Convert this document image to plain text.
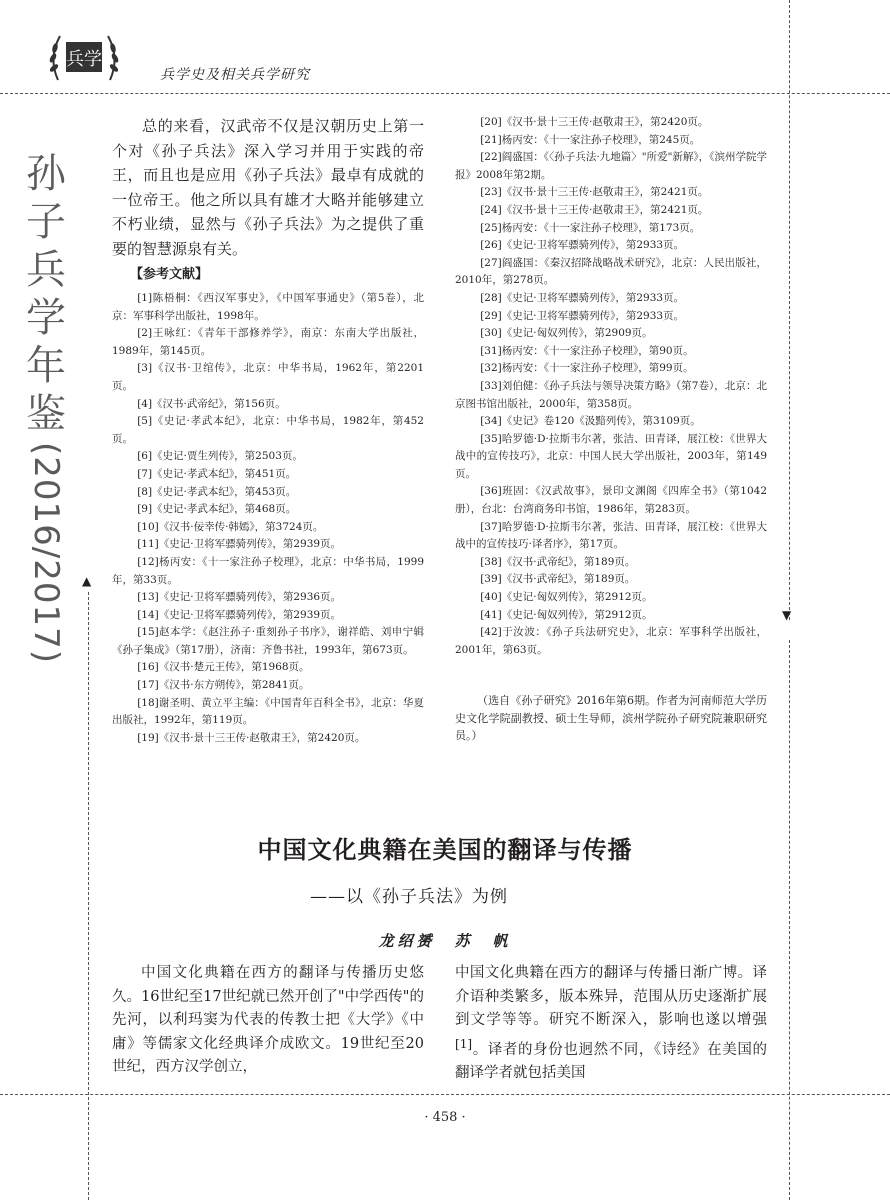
兵学
兵学史及相关兵学研究
▲
▼
孙
子
兵
学
年
鉴
(2016/2017)

总的来看，汉武帝不仅是汉朝历史上第一个对《孙子兵法》深入学习并用于实践的帝王，而且也是应用《孙子兵法》最卓有成就的一位帝王。他之所以具有雄才大略并能够建立不朽业绩，显然与《孙子兵法》为之提供了重要的智慧源泉有关。

【参考文献】

[1]陈梧桐：《西汉军事史》，《中国军事通史》（第5卷），北京：军事科学出版社，1998年。

[2]王咏红：《青年干部修养学》，南京：东南大学出版社，1989年，第145页。

[3]《汉书·卫绾传》，北京：中华书局，1962年，第2201页。

[4]《汉书·武帝纪》，第156页。

[5]《史记·孝武本纪》，北京：中华书局，1982年，第452页。

[6]《史记·贾生列传》，第2503页。

[7]《史记·孝武本纪》，第451页。

[8]《史记·孝武本纪》，第453页。

[9]《史记·孝武本纪》，第468页。

[10]《汉书·佞幸传·韩嫣》，第3724页。

[11]《史记·卫将军骠骑列传》，第2939页。

[12]杨丙安：《十一家注孙子校理》，北京：中华书局，1999年，第33页。

[13]《史记·卫将军骠骑列传》，第2936页。

[14]《史记·卫将军骠骑列传》，第2939页。

[15]赵本学：《赵注孙子·重刻孙子书序》，谢祥皓、刘申宁辑《孙子集成》（第17册），济南：齐鲁书社，1993年，第673页。

[16]《汉书·楚元王传》，第1968页。

[17]《汉书·东方朔传》，第2841页。

[18]谢圣明、黄立平主编：《中国青年百科全书》，北京：华夏出版社，1992年，第119页。

[19]《汉书·景十三王传·赵敬肃王》，第2420页。

[20]《汉书·景十三王传·赵敬肃王》，第2420页。

[21]杨丙安：《十一家注孙子校理》，第245页。

[22]阎盛国：《〈孙子兵法·九地篇〉"所爱"新解》，《滨州学院学报》2008年第2期。

[23]《汉书·景十三王传·赵敬肃王》，第2421页。

[24]《汉书·景十三王传·赵敬肃王》，第2421页。

[25]杨丙安：《十一家注孙子校理》，第173页。

[26]《史记·卫将军骠骑列传》，第2933页。

[27]阎盛国：《秦汉招降战略战术研究》，北京：人民出版社，2010年，第278页。

[28]《史记·卫将军骠骑列传》，第2933页。

[29]《史记·卫将军骠骑列传》，第2933页。

[30]《史记·匈奴列传》，第2909页。

[31]杨丙安：《十一家注孙子校理》，第90页。

[32]杨丙安：《十一家注孙子校理》，第99页。

[33]刘伯健：《孙子兵法与领导决策方略》（第7卷），北京：北京图书馆出版社，2000年，第358页。

[34]《史记》卷120《汲黯列传》，第3109页。

[35]哈罗德·D·拉斯韦尔著，张洁、田青译，展江校：《世界大战中的宣传技巧》，北京：中国人民大学出版社，2003年，第149页。

[36]班固：《汉武故事》，景印文渊阁《四库全书》（第1042册），台北：台湾商务印书馆，1986年，第283页。

[37]哈罗德·D·拉斯韦尔著，张洁、田青译，展江校：《世界大战中的宣传技巧·译者序》，第17页。

[38]《汉书·武帝纪》，第189页。

[39]《汉书·武帝纪》，第189页。

[40]《史记·匈奴列传》，第2912页。

[41]《史记·匈奴列传》，第2912页。

[42]于汝波：《孙子兵法研究史》，北京：军事科学出版社，2001年，第63页。

（选自《孙子研究》2016年第6期。作者为河南师范大学历史文化学院副教授、硕士生导师，滨州学院孙子研究院兼职研究员。）

中国文化典籍在美国的翻译与传播
——以《孙子兵法》为例
龙绍赟　苏　帆

中国文化典籍在西方的翻译与传播历史悠久。16世纪至17世纪就已然开创了"中学西传"的先河，以利玛窦为代表的传教士把《大学》《中庸》等儒家文化经典译介成欧文。19世纪至20世纪，西方汉学创立，

中国文化典籍在西方的翻译与传播日渐广博。译介语种类繁多，版本殊异，范围从历史逐渐扩展到文学等等。研究不断深入，影响也遂以增强[1]。译者的身份也迥然不同，《诗经》在美国的翻译学者就包括美国

· 458 ·
